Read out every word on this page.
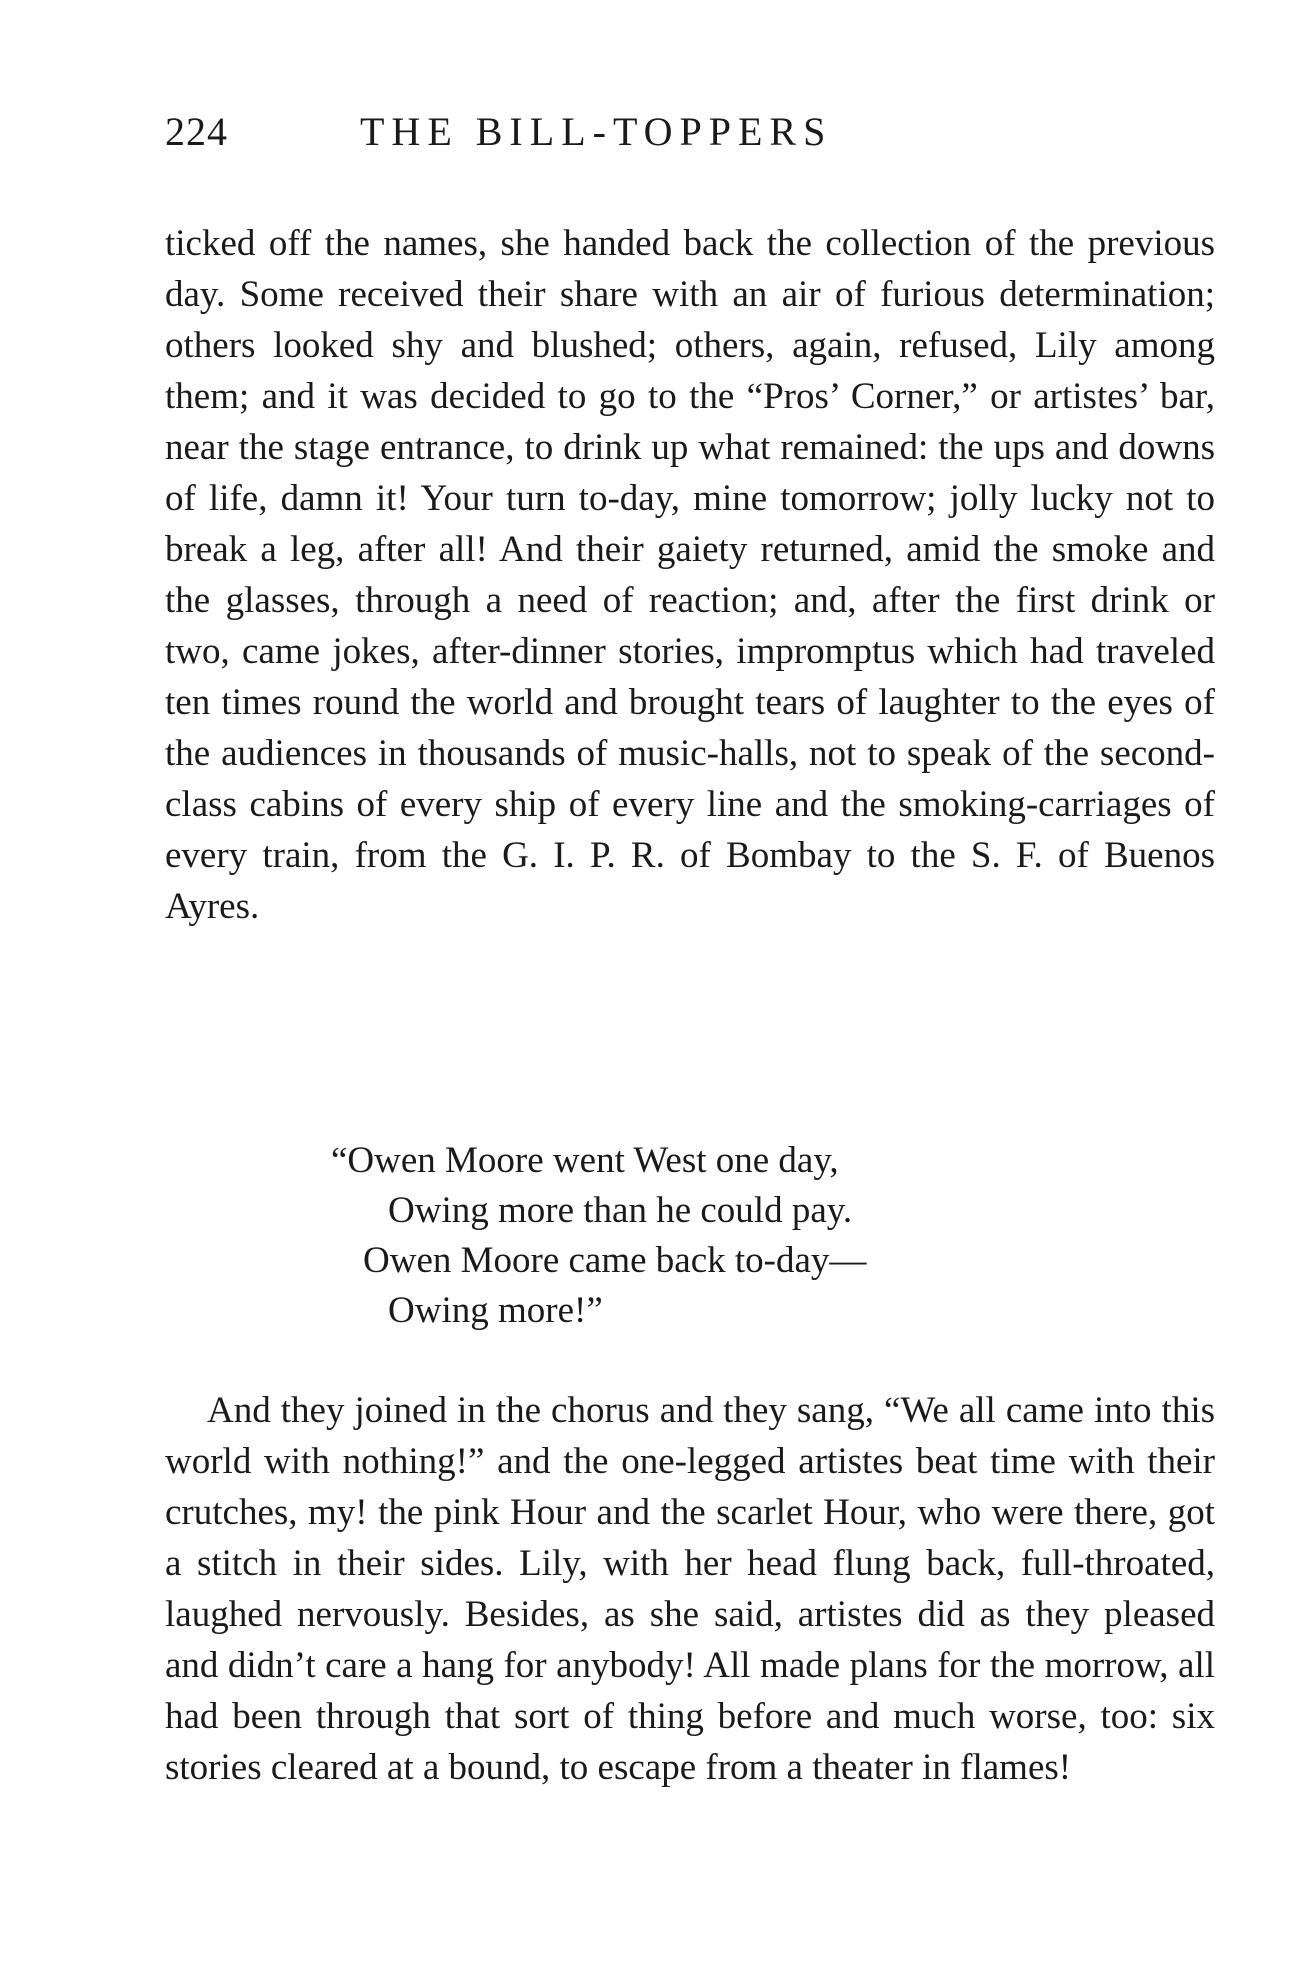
224	THE BILL-TOPPERS

ticked off the names, she handed back the collection of the previous day. Some received their share with an air of furious determination; others looked shy and blushed; others, again, refused, Lily among them; and it was decided to go to the “Pros’ Corner,” or artistes’ bar, near the stage entrance, to drink up what remained: the ups and downs of life, damn it! Your turn to-day, mine tomorrow; jolly lucky not to break a leg, after all! And their gaiety returned, amid the smoke and the glasses, through a need of reaction; and, after the first drink or two, came jokes, after-dinner stories, impromptus which had traveled ten times round the world and brought tears of laughter to the eyes of the audiences in thousands of music-halls, not to speak of the second-class cabins of every ship of every line and the smoking-carriages of every train, from the G. I. P. R. of Bombay to the S. F. of Buenos Ayres.

“Owen Moore went West one day,
Owing more than he could pay.
Owen Moore came back to-day—
Owing more!”

And they joined in the chorus and they sang, “We all came into this world with nothing!” and the one-legged artistes beat time with their crutches, my! the pink Hour and the scarlet Hour, who were there, got a stitch in their sides. Lily, with her head flung back, full-throated, laughed nervously. Besides, as she said, artistes did as they pleased and didn’t care a hang for anybody! All made plans for the morrow, all had been through that sort of thing before and much worse, too: six stories cleared at a bound, to escape from a theater in flames!
